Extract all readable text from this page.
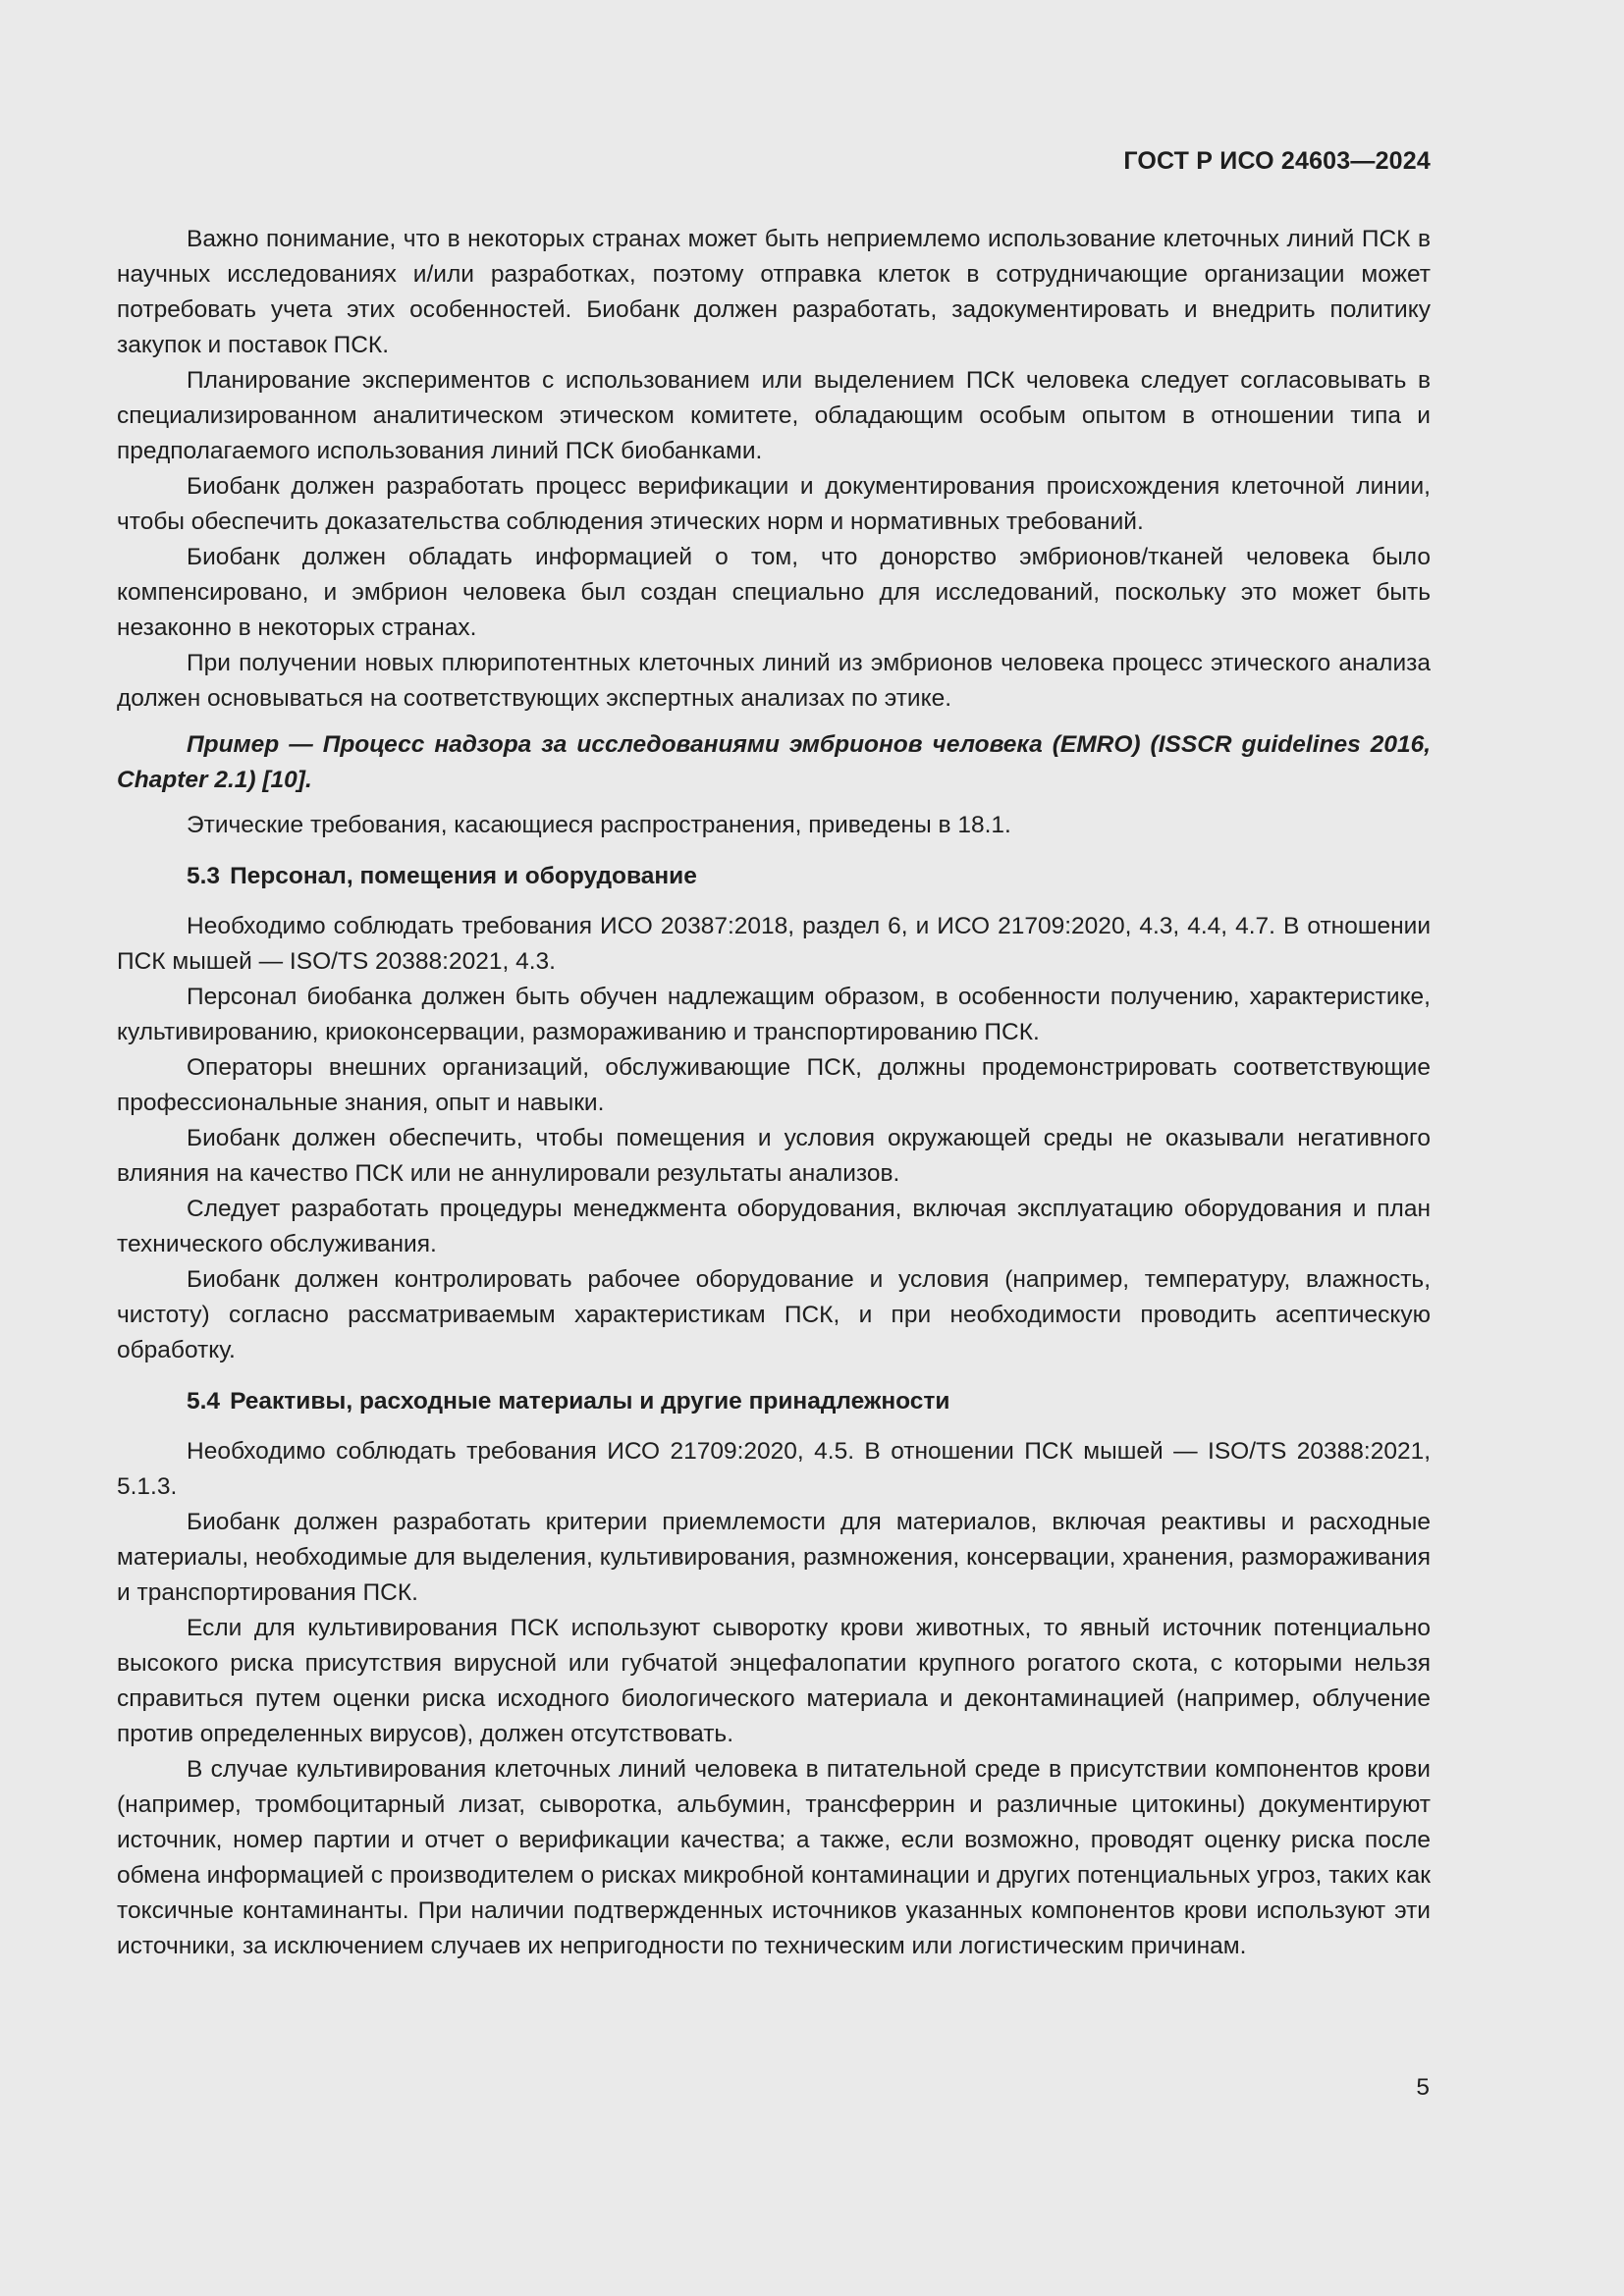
ГОСТ Р ИСО 24603—2024

Важно понимание, что в некоторых странах может быть неприемлемо использование клеточных линий ПСК в научных исследованиях и/или разработках, поэтому отправка клеток в сотрудничающие организации может потребовать учета этих особенностей. Биобанк должен разработать, задокументировать и внедрить политику закупок и поставок ПСК.

Планирование экспериментов с использованием или выделением ПСК человека следует согласовывать в специализированном аналитическом этическом комитете, обладающим особым опытом в отношении типа и предполагаемого использования линий ПСК биобанками.

Биобанк должен разработать процесс верификации и документирования происхождения клеточной линии, чтобы обеспечить доказательства соблюдения этических норм и нормативных требований.

Биобанк должен обладать информацией о том, что донорство эмбрионов/тканей человека было компенсировано, и эмбрион человека был создан специально для исследований, поскольку это может быть незаконно в некоторых странах.

При получении новых плюрипотентных клеточных линий из эмбрионов человека процесс этического анализа должен основываться на соответствующих экспертных анализах по этике.

Пример — Процесс надзора за исследованиями эмбрионов человека (EMRO) (ISSCR guidelines 2016, Chapter 2.1) [10].

Этические требования, касающиеся распространения, приведены в 18.1.

5.3 Персонал, помещения и оборудование

Необходимо соблюдать требования ИСО 20387:2018, раздел 6, и ИСО 21709:2020, 4.3, 4.4, 4.7. В отношении ПСК мышей — ISO/TS 20388:2021, 4.3.

Персонал биобанка должен быть обучен надлежащим образом, в особенности получению, характеристике, культивированию, криоконсервации, размораживанию и транспортированию ПСК.

Операторы внешних организаций, обслуживающие ПСК, должны продемонстрировать соответствующие профессиональные знания, опыт и навыки.

Биобанк должен обеспечить, чтобы помещения и условия окружающей среды не оказывали негативного влияния на качество ПСК или не аннулировали результаты анализов.

Следует разработать процедуры менеджмента оборудования, включая эксплуатацию оборудования и план технического обслуживания.

Биобанк должен контролировать рабочее оборудование и условия (например, температуру, влажность, чистоту) согласно рассматриваемым характеристикам ПСК, и при необходимости проводить асептическую обработку.

5.4 Реактивы, расходные материалы и другие принадлежности

Необходимо соблюдать требования ИСО 21709:2020, 4.5. В отношении ПСК мышей — ISO/TS 20388:2021, 5.1.3.

Биобанк должен разработать критерии приемлемости для материалов, включая реактивы и расходные материалы, необходимые для выделения, культивирования, размножения, консервации, хранения, размораживания и транспортирования ПСК.

Если для культивирования ПСК используют сыворотку крови животных, то явный источник потенциально высокого риска присутствия вирусной или губчатой энцефалопатии крупного рогатого скота, с которыми нельзя справиться путем оценки риска исходного биологического материала и деконтаминацией (например, облучение против определенных вирусов), должен отсутствовать.

В случае культивирования клеточных линий человека в питательной среде в присутствии компонентов крови (например, тромбоцитарный лизат, сыворотка, альбумин, трансферрин и различные цитокины) документируют источник, номер партии и отчет о верификации качества; а также, если возможно, проводят оценку риска после обмена информацией с производителем о рисках микробной контаминации и других потенциальных угроз, таких как токсичные контаминанты. При наличии подтвержденных источников указанных компонентов крови используют эти источники, за исключением случаев их непригодности по техническим или логистическим причинам.

5
